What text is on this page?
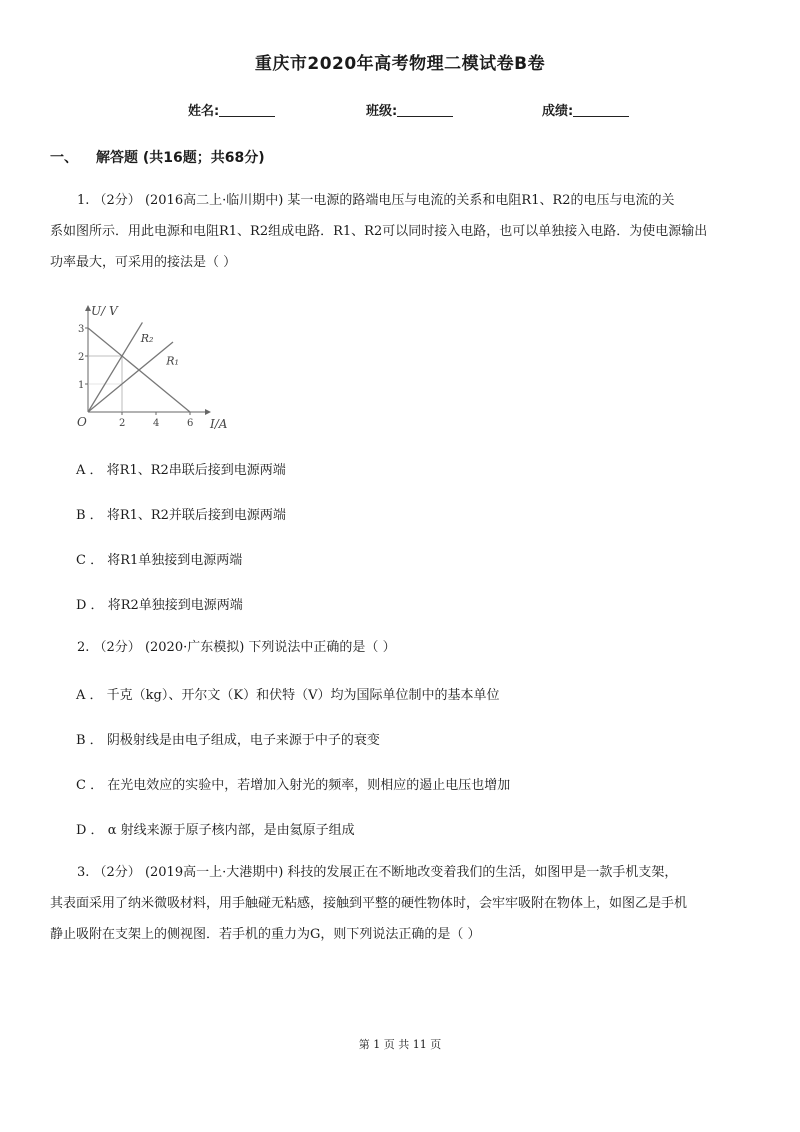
重庆市2020年高考物理二模试卷B卷
姓名:	班级:	成绩:
一、 解答题 (共16题；共68分)
1. （2分） (2016高二上·临川期中) 某一电源的路端电压与电流的关系和电阻R1、R2的电压与电流的关
系如图所示．用此电源和电阻R1、R2组成电路．R1、R2可以同时接入电路，也可以单独接入电路．为使电源输出
功率最大，可采用的接法是（ ）
U/ V
I/A
O
1
2
3
2	4	6
R₂
R₁
A ． 将R1、R2串联后接到电源两端
B ． 将R1、R2并联后接到电源两端
C ． 将R1单独接到电源两端
D ． 将R2单独接到电源两端
2. （2分） (2020·广东模拟) 下列说法中正确的是（ ）
A ． 千克（kg）、开尔文（K）和伏特（V）均为国际单位制中的基本单位
B ． 阴极射线是由电子组成，电子来源于中子的衰变
C ． 在光电效应的实验中，若增加入射光的频率，则相应的遏止电压也增加
D ． α 射线来源于原子核内部，是由氦原子组成
3. （2分） (2019高一上·大港期中) 科技的发展正在不断地改变着我们的生活，如图甲是一款手机支架，
其表面采用了纳米微吸材料，用手触碰无粘感，接触到平整的硬性物体时，会牢牢吸附在物体上，如图乙是手机
静止吸附在支架上的侧视图．若手机的重力为G，则下列说法正确的是（ ）
第 1 页 共 11 页
